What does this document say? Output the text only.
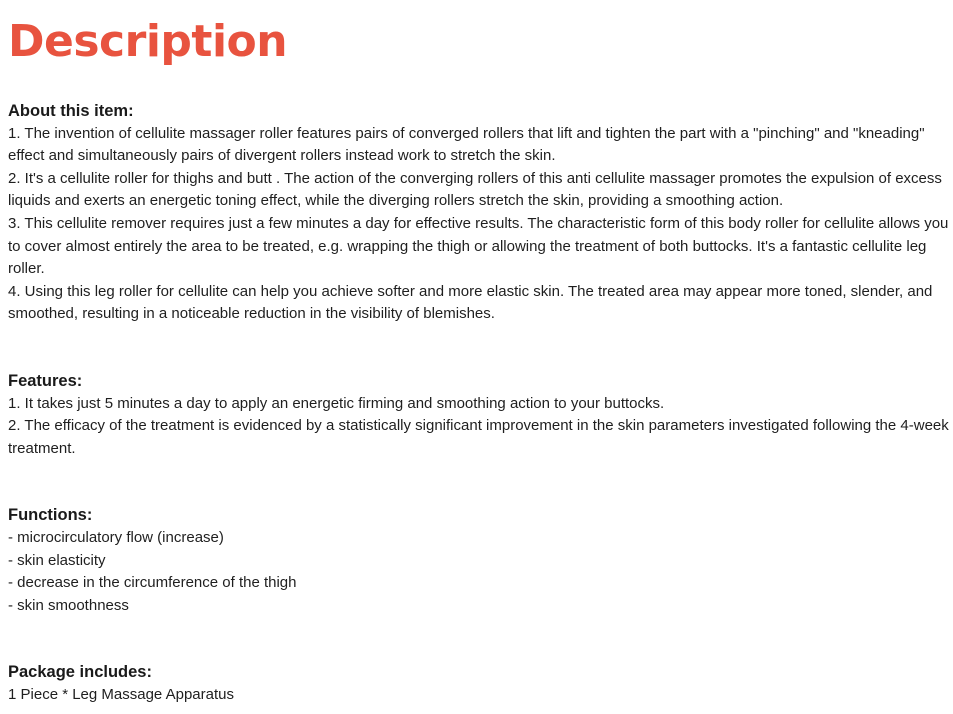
Description

About this item:

1. The invention of cellulite massager roller features pairs of converged rollers that lift and tighten the part with a "pinching" and "kneading" effect and simultaneously pairs of divergent rollers instead work to stretch the skin.

2. It's a cellulite roller for thighs and butt . The action of the converging rollers of this anti cellulite massager promotes the expulsion of excess liquids and exerts an energetic toning effect, while the diverging rollers stretch the skin, providing a smoothing action.

3. This cellulite remover requires just a few minutes a day for effective results. The characteristic form of this body roller for cellulite allows you to cover almost entirely the area to be treated, e.g. wrapping the thigh or allowing the treatment of both buttocks. It's a fantastic cellulite leg roller.

4. Using this leg roller for cellulite can help you achieve softer and more elastic skin. The treated area may appear more toned, slender, and smoothed, resulting in a noticeable reduction in the visibility of blemishes.

Features:

1. It takes just 5 minutes a day to apply an energetic firming and smoothing action to your buttocks.

2. The efficacy of the treatment is evidenced by a statistically significant improvement in the skin parameters investigated following the 4-week treatment.

Functions:

- microcirculatory flow (increase)

- skin elasticity

- decrease in the circumference of the thigh

- skin smoothness

Package includes:

1 Piece * Leg Massage Apparatus
